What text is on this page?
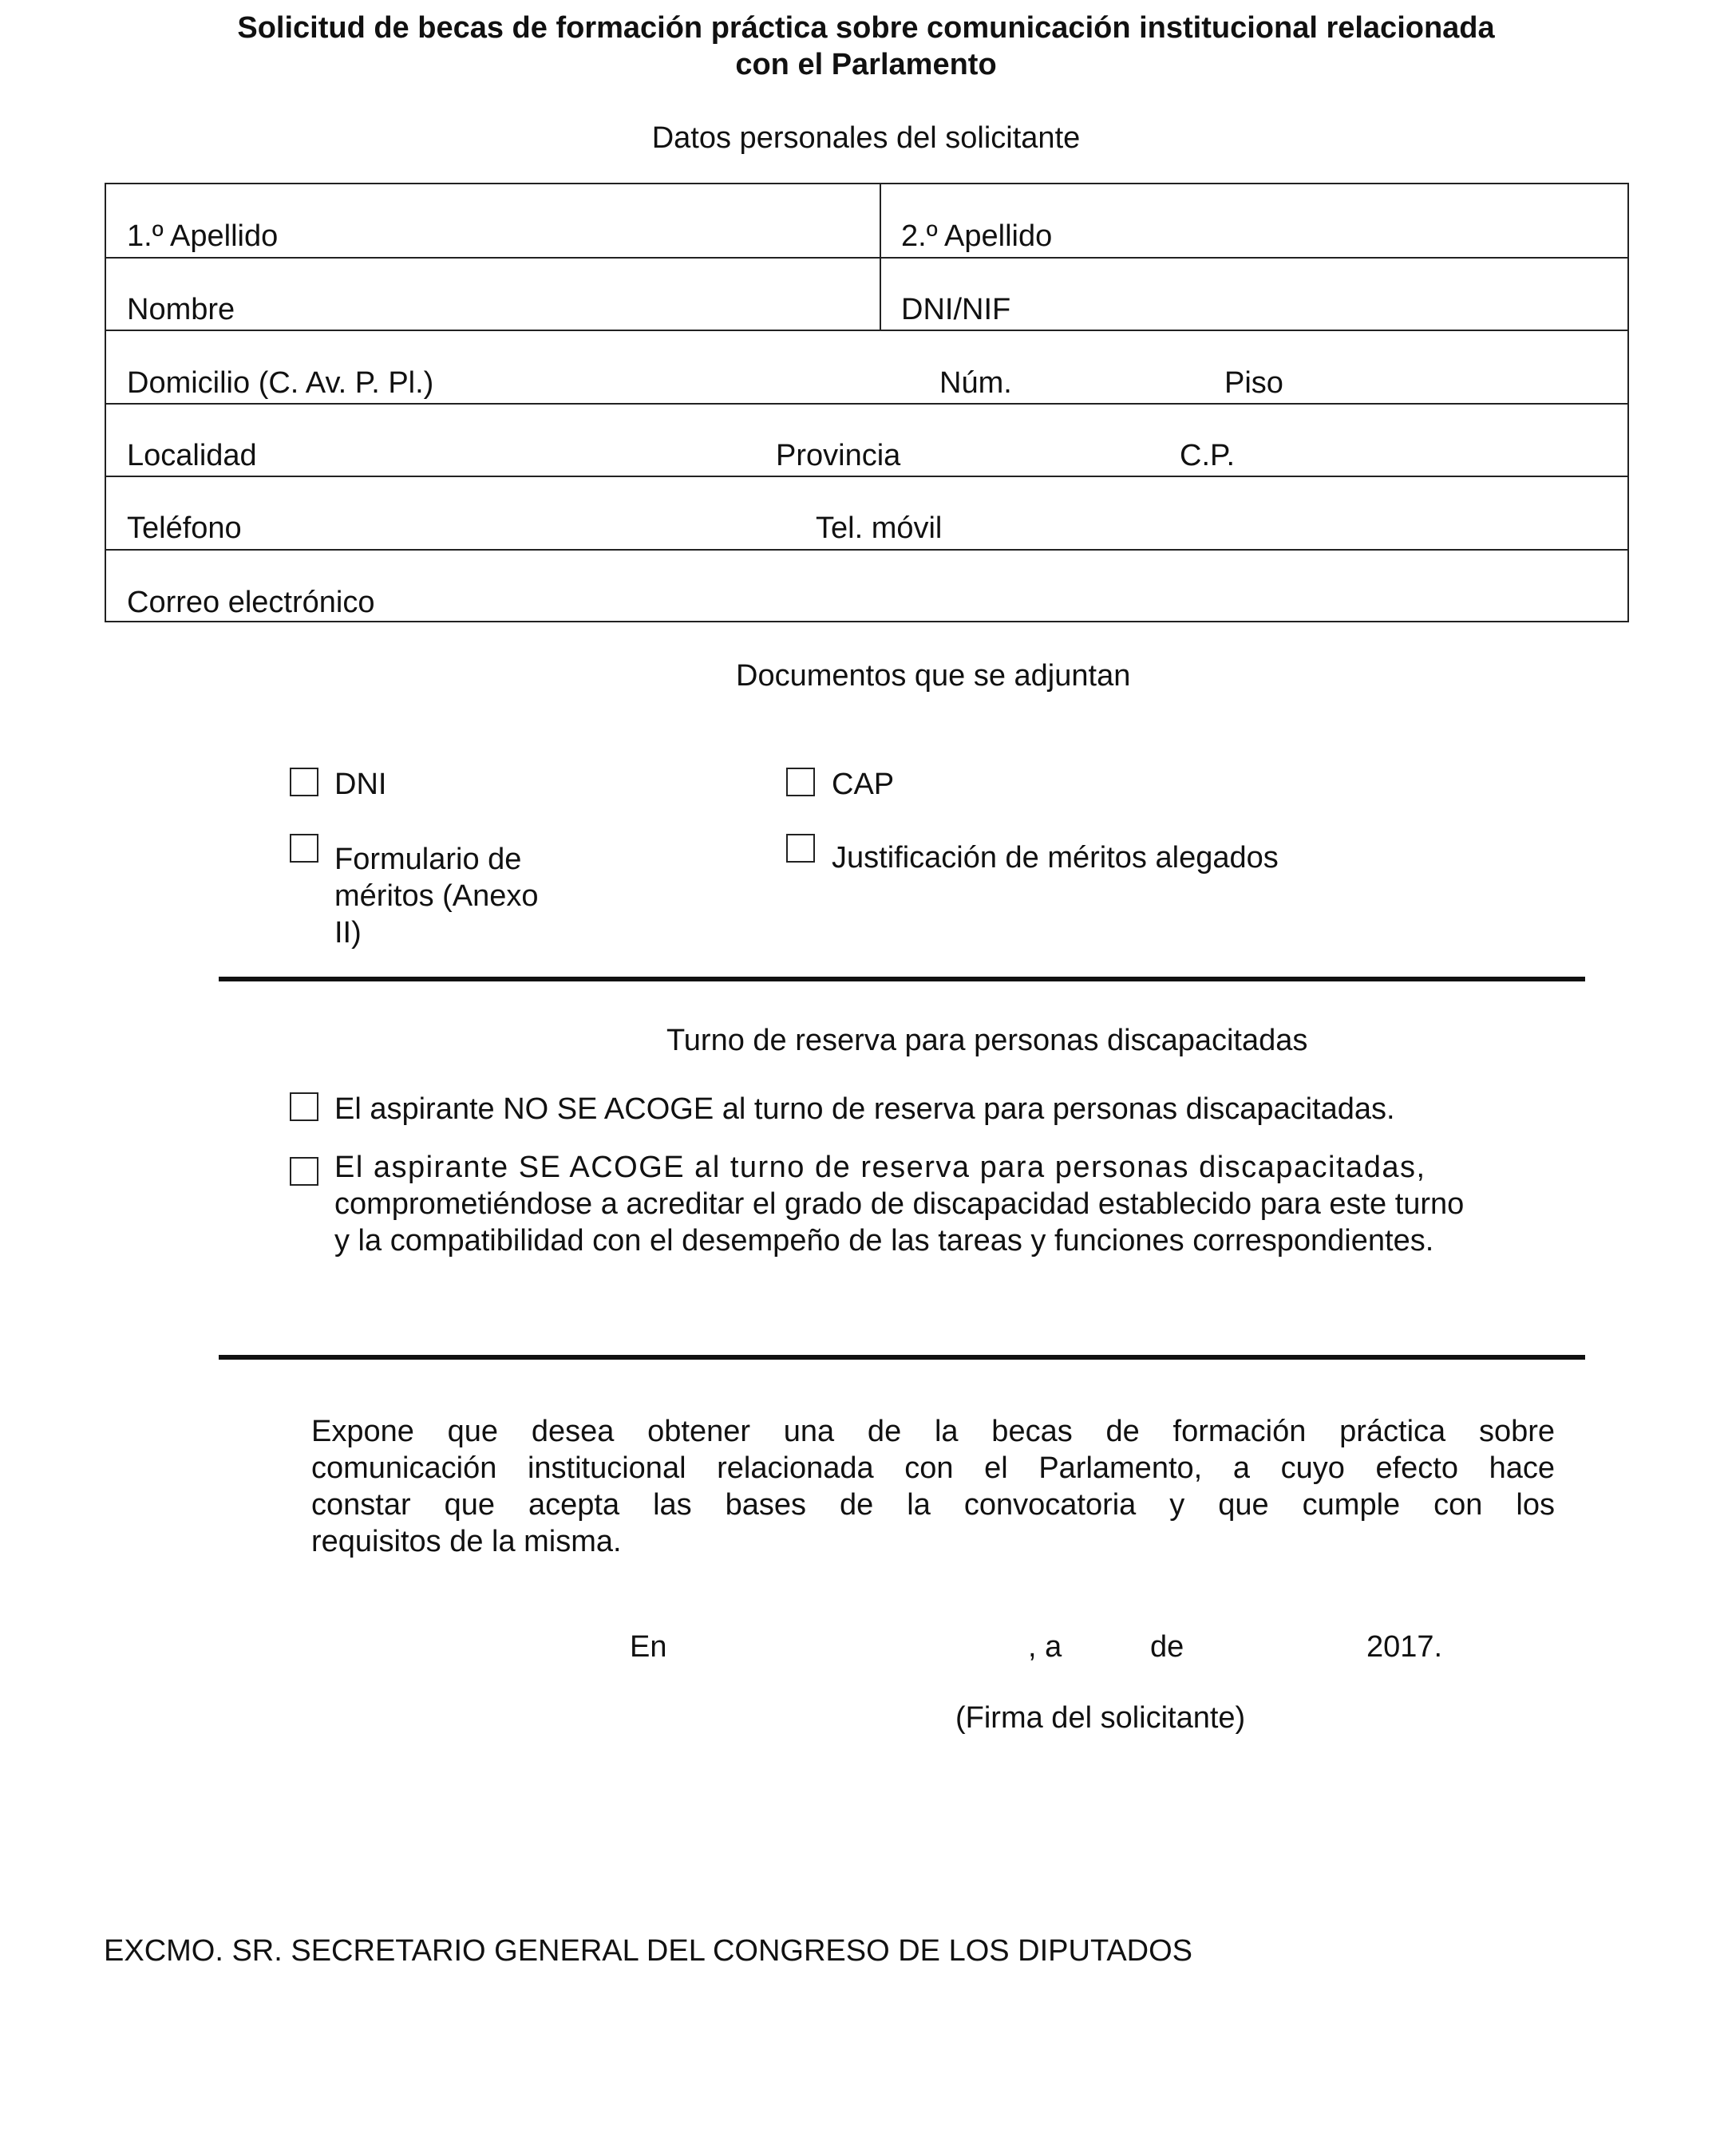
Solicitud de becas de formación práctica sobre comunicación institucional relacionada
con el Parlamento
Datos personales del solicitante
1.º Apellido	2.º Apellido
Nombre	DNI/NIF
Domicilio (C. Av. P. Pl.)	Núm.	Piso
Localidad	Provincia	C.P.
Teléfono	Tel. móvil
Correo electrónico
Documentos que se adjuntan
DNI	CAP
Formulario de
méritos (Anexo
II)
Justificación de méritos alegados
Turno de reserva para personas discapacitadas
El aspirante NO SE ACOGE al turno de reserva para personas discapacitadas.
El aspirante SE ACOGE al turno de reserva para personas discapacitadas,
comprometiéndose a acreditar el grado de discapacidad establecido para este turno
y la compatibilidad con el desempeño de las tareas y funciones correspondientes.
Expone que desea obtener una de la becas de formación práctica sobre
comunicación institucional relacionada con el Parlamento, a cuyo efecto hace
constar que acepta las bases de la convocatoria y que cumple con los
requisitos de la misma.
En	, a	de	2017.
(Firma del solicitante)
EXCMO. SR. SECRETARIO GENERAL DEL CONGRESO DE LOS DIPUTADOS
